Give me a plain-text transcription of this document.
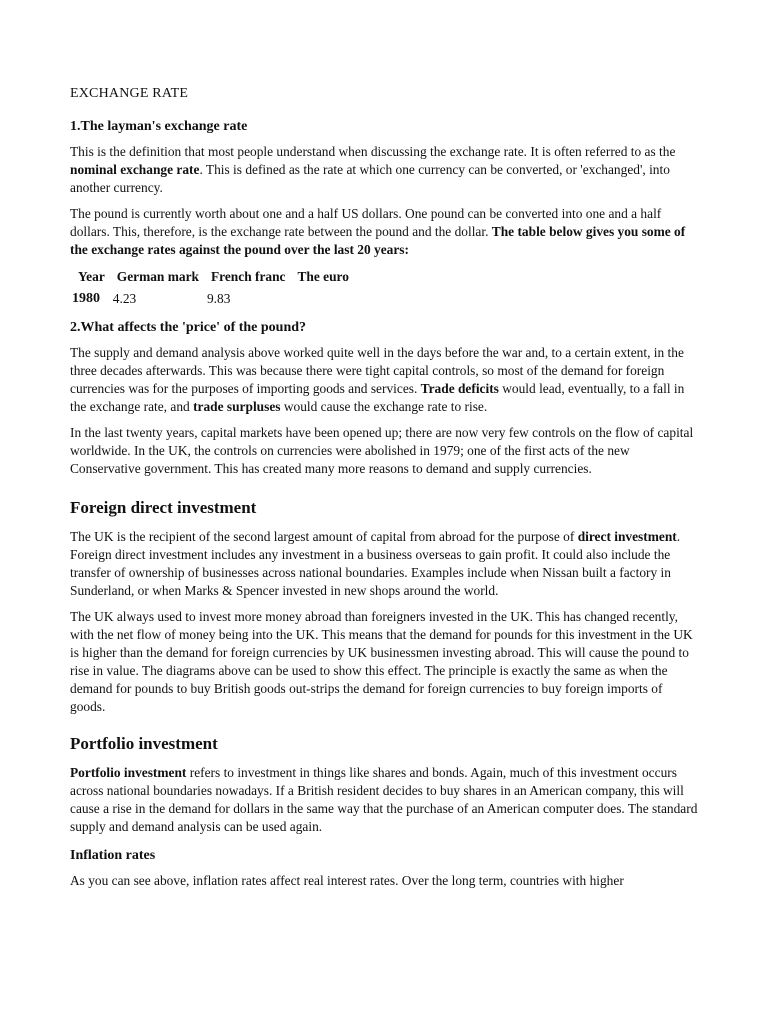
EXCHANGE RATE
1.The layman's exchange rate

This is the definition that most people understand when discussing the exchange rate. It is often referred to as the nominal exchange rate. This is defined as the rate at which one currency can be converted, or 'exchanged', into another currency.

The pound is currently worth about one and a half US dollars. One pound can be converted into one and a half dollars. This, therefore, is the exchange rate between the pound and the dollar. The table below gives you some of the exchange rates against the pound over the last 20 years:

Year	German mark	French franc	The euro
1980	4.23	9.83	
2.What affects the 'price' of the pound?

The supply and demand analysis above worked quite well in the days before the war and, to a certain extent, in the three decades afterwards. This was because there were tight capital controls, so most of the demand for foreign currencies was for the purposes of importing goods and services. Trade deficits would lead, eventually, to a fall in the exchange rate, and trade surpluses would cause the exchange rate to rise.

In the last twenty years, capital markets have been opened up; there are now very few controls on the flow of capital worldwide. In the UK, the controls on currencies were abolished in 1979; one of the first acts of the new Conservative government. This has created many more reasons to demand and supply currencies.

Foreign direct investment

The UK is the recipient of the second largest amount of capital from abroad for the purpose of direct investment. Foreign direct investment includes any investment in a business overseas to gain profit. It could also include the transfer of ownership of businesses across national boundaries. Examples include when Nissan built a factory in Sunderland, or when Marks & Spencer invested in new shops around the world.

The UK always used to invest more money abroad than foreigners invested in the UK. This has changed recently, with the net flow of money being into the UK. This means that the demand for pounds for this investment in the UK is higher than the demand for foreign currencies by UK businessmen investing abroad. This will cause the pound to rise in value. The diagrams above can be used to show this effect. The principle is exactly the same as when the demand for pounds to buy British goods out-strips the demand for foreign currencies to buy foreign imports of goods.

Portfolio investment

Portfolio investment refers to investment in things like shares and bonds. Again, much of this investment occurs across national boundaries nowadays. If a British resident decides to buy shares in an American company, this will cause a rise in the demand for dollars in the same way that the purchase of an American computer does. The standard supply and demand analysis can be used again.

Inflation rates

As you can see above, inflation rates affect real interest rates. Over the long term, countries with higher
